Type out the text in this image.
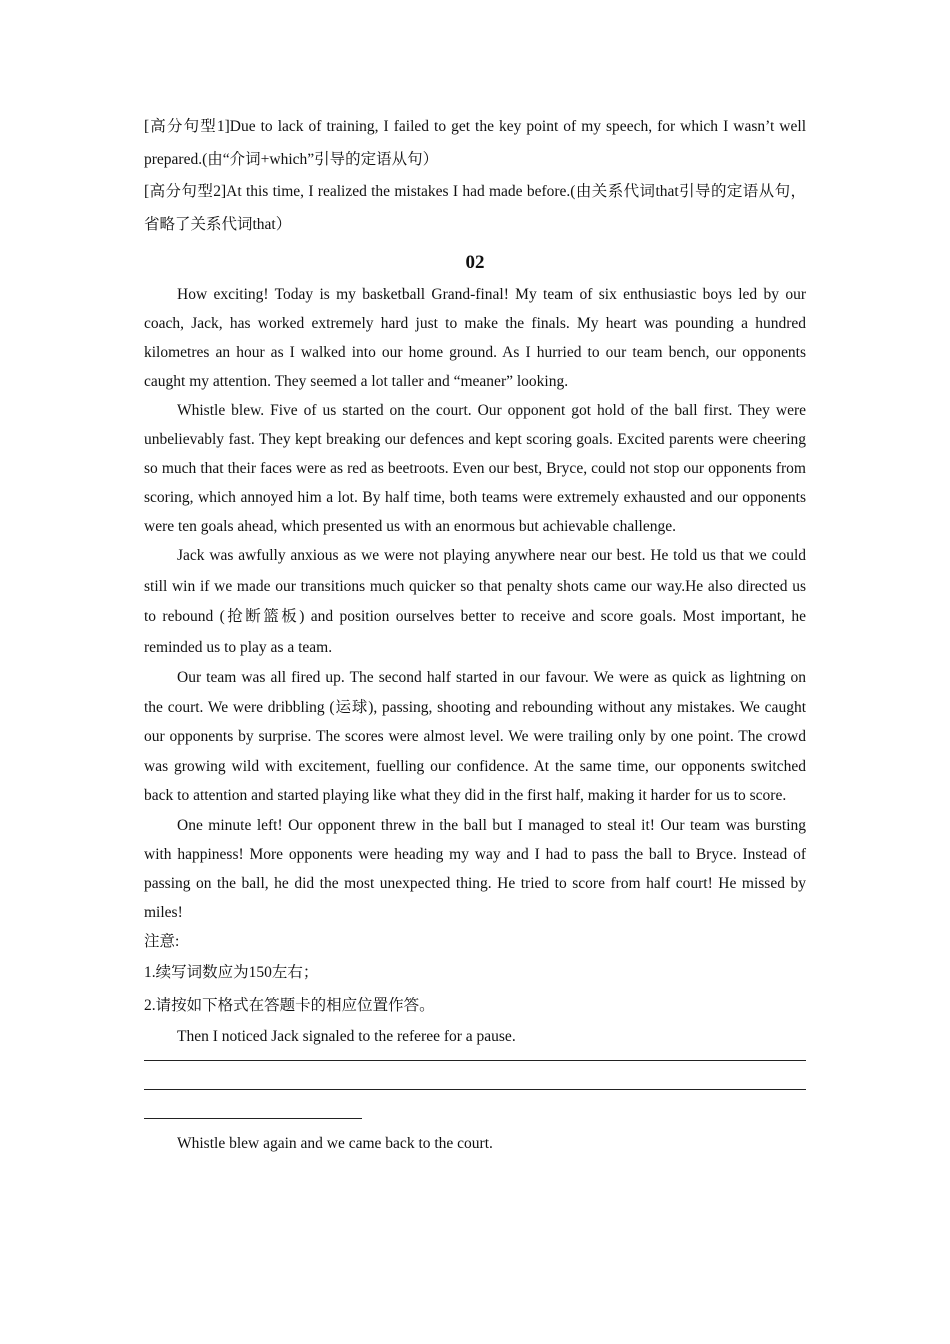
[高分句型1]Due to lack of training, I failed to get the key point of my speech, for which I wasn’t well prepared.(由“介词+which”引导的定语从句）

[高分句型2]At this time, I realized the mistakes I had made before.(由关系代词that引导的定语从句，省略了关系代词that）

02

How exciting! Today is my basketball Grand-final! My team of six enthusiastic boys led by our coach, Jack, has worked extremely hard just to make the finals. My heart was pounding a hundred kilometres an hour as I walked into our home ground. As I hurried to our team bench, our opponents caught my attention. They seemed a lot taller and “meaner” looking.

Whistle blew. Five of us started on the court. Our opponent got hold of the ball first. They were unbelievably fast. They kept breaking our defences and kept scoring goals. Excited parents were cheering so much that their faces were as red as beetroots. Even our best, Bryce, could not stop our opponents from scoring, which annoyed him a lot. By half time, both teams were extremely exhausted and our opponents were ten goals ahead, which presented us with an enormous but achievable challenge.

Jack was awfully anxious as we were not playing anywhere near our best. He told us that we could still win if we made our transitions much quicker so that penalty shots came our way.He also directed us to rebound (抢断篮板) and position ourselves better to receive and score goals. Most important, he reminded us to play as a team.

Our team was all fired up. The second half started in our favour. We were as quick as lightning on the court. We were dribbling (运球), passing, shooting and rebounding without any mistakes. We caught our opponents by surprise. The scores were almost level. We were trailing only by one point. The crowd was growing wild with excitement, fuelling our confidence. At the same time, our opponents switched back to attention and started playing like what they did in the first half, making it harder for us to score.

One minute left! Our opponent threw in the ball but I managed to steal it! Our team was bursting with happiness! More opponents were heading my way and I had to pass the ball to Bryce. Instead of passing on the ball, he did the most unexpected thing. He tried to score from half court! He missed by miles!

注意:

1.续写词数应为150左右；

2.请按如下格式在答题卡的相应位置作答。

Then I noticed Jack signaled to the referee for a pause.

Whistle blew again and we came back to the court.
